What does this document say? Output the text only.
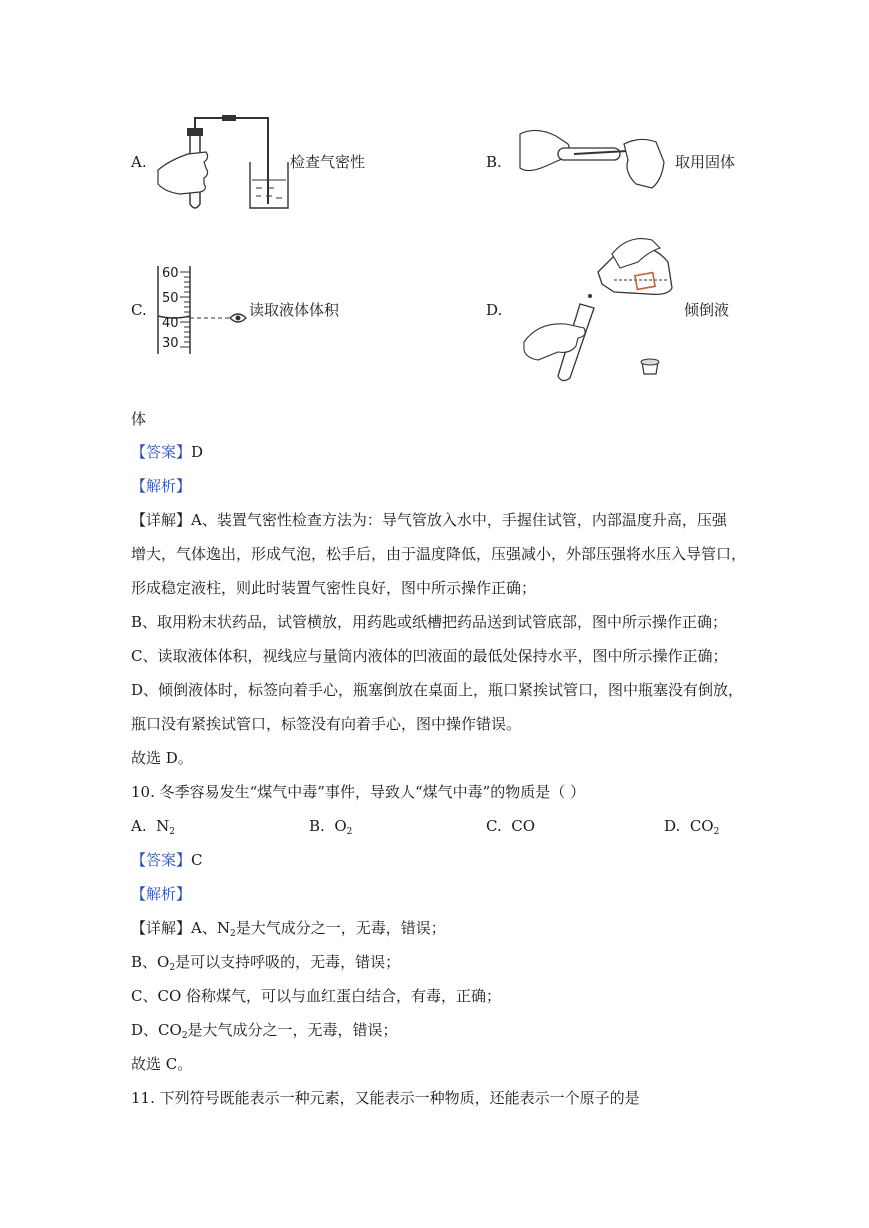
A.	检查气密性	B.	取用固体
C.
60
50
40
30
读取液体体积	D.	倾倒液
体
【答案】D
【解析】
【详解】A、装置气密性检查方法为：导气管放入水中，手握住试管，内部温度升高，压强
增大，气体逸出，形成气泡，松手后，由于温度降低，压强减小，外部压强将水压入导管口，
形成稳定液柱，则此时装置气密性良好，图中所示操作正确；
B、取用粉末状药品，试管横放，用药匙或纸槽把药品送到试管底部，图中所示操作正确；
C、读取液体体积，视线应与量筒内液体的凹液面的最低处保持水平，图中所示操作正确；
D、倾倒液体时，标签向着手心，瓶塞倒放在桌面上，瓶口紧挨试管口，图中瓶塞没有倒放，
瓶口没有紧挨试管口，标签没有向着手心，图中操作错误。
故选 D。
10. 冬季容易发生“煤气中毒”事件，导致人“煤气中毒”的物质是（ ）
A. $N_2$	B. $O_2$	C. CO	D. $CO_2$
【答案】C
【解析】
【详解】A、$N_2$是大气成分之一，无毒，错误；
B、$O_2$是可以支持呼吸的，无毒，错误；
C、CO 俗称煤气，可以与血红蛋白结合，有毒，正确；
D、$CO_2$是大气成分之一，无毒，错误；
故选 C。
11. 下列符号既能表示一种元素，又能表示一种物质，还能表示一个原子的是
